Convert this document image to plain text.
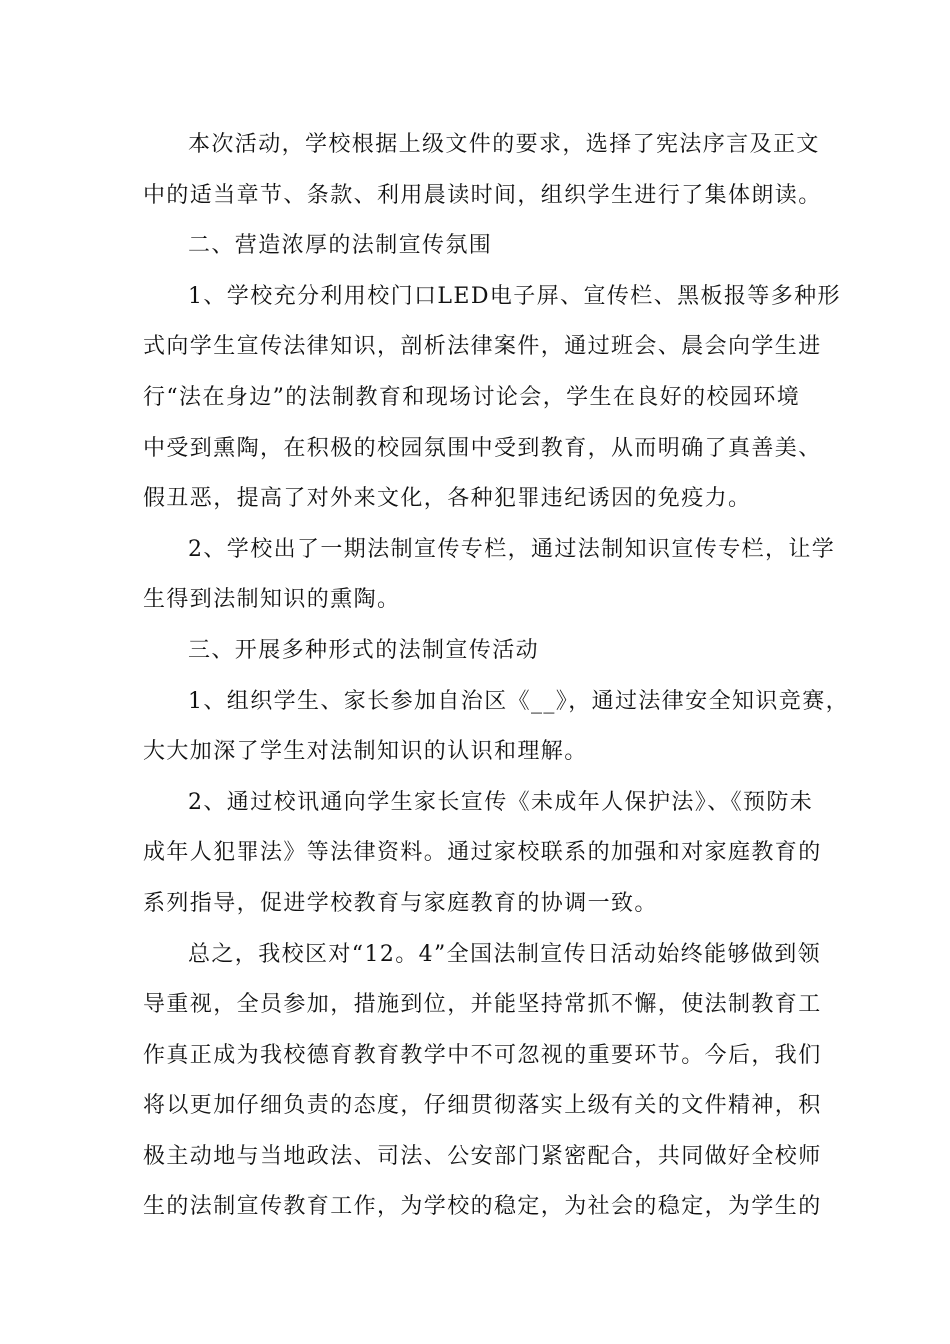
本次活动，学校根据上级文件的要求，选择了宪法序言及正文
中的适当章节、条款、利用晨读时间，组织学生进行了集体朗读。
二、营造浓厚的法制宣传氛围
1、学校充分利用校门口LED电子屏、宣传栏、黑板报等多种形
式向学生宣传法律知识，剖析法律案件，通过班会、晨会向学生进
行“法在身边”的法制教育和现场讨论会，学生在良好的校园环境
中受到熏陶，在积极的校园氛围中受到教育，从而明确了真善美、
假丑恶，提高了对外来文化，各种犯罪违纪诱因的免疫力。
2、学校出了一期法制宣传专栏，通过法制知识宣传专栏，让学
生得到法制知识的熏陶。
三、开展多种形式的法制宣传活动
1、组织学生、家长参加自治区《__》，通过法律安全知识竞赛，
大大加深了学生对法制知识的认识和理解。
2、通过校讯通向学生家长宣传《未成年人保护法》、《预防未
成年人犯罪法》等法律资料。通过家校联系的加强和对家庭教育的
系列指导，促进学校教育与家庭教育的协调一致。
总之，我校区对“12。4”全国法制宣传日活动始终能够做到领
导重视，全员参加，措施到位，并能坚持常抓不懈，使法制教育工
作真正成为我校德育教育教学中不可忽视的重要环节。今后，我们
将以更加仔细负责的态度，仔细贯彻落实上级有关的文件精神，积
极主动地与当地政法、司法、公安部门紧密配合，共同做好全校师
生的法制宣传教育工作，为学校的稳定，为社会的稳定，为学生的
